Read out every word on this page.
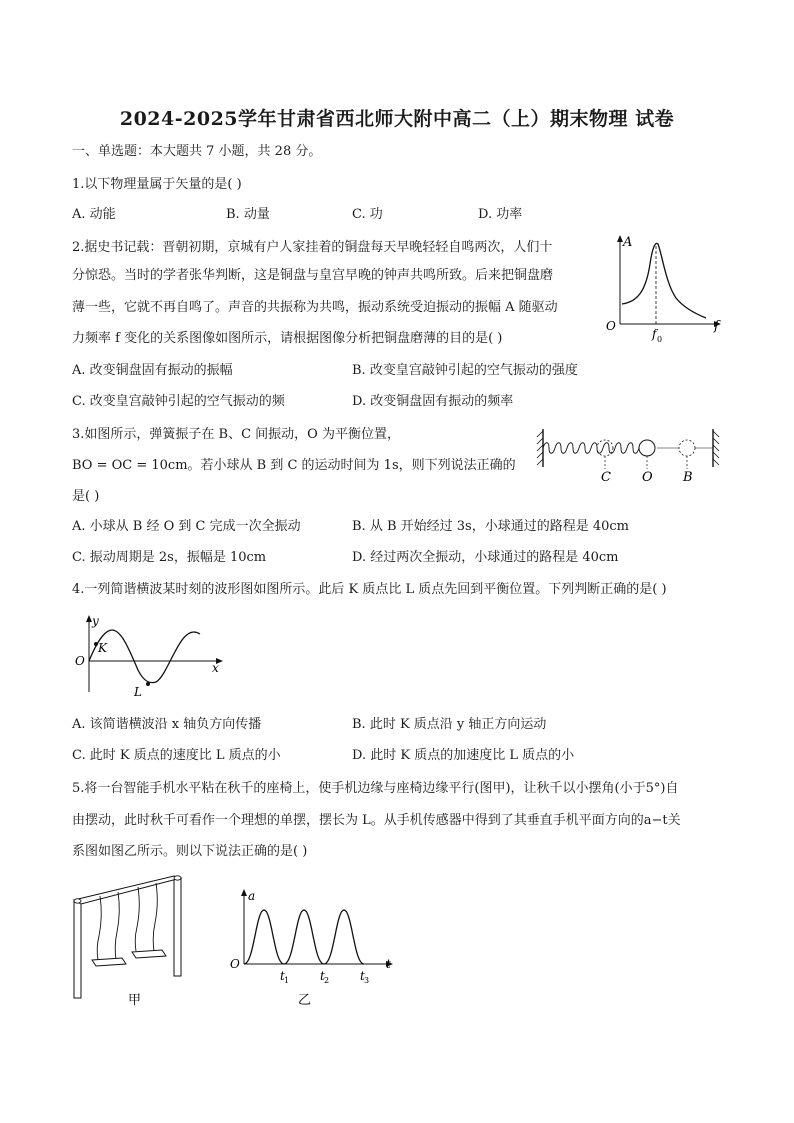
2024-2025学年甘肃省西北师大附中高二（上）期末物理 试卷
一、单选题：本大题共 7 小题，共 28 分。
1.以下物理量属于矢量的是( )
A. 动能	B. 动量	C. 功	D. 功率
2.据史书记载：晋朝初期，京城有户人家挂着的铜盘每天早晚轻轻自鸣两次，人们十
分惊恐。当时的学者张华判断，这是铜盘与皇宫早晚的钟声共鸣所致。后来把铜盘磨
薄一些，它就不再自鸣了。声音的共振称为共鸣，振动系统受迫振动的振幅 A 随驱动
力频率 f 变化的关系图像如图所示，请根据图像分析把铜盘磨薄的目的是( )
A. 改变铜盘固有振动的振幅	B. 改变皇宫敲钟引起的空气振动的强度
C. 改变皇宫敲钟引起的空气振动的频	D. 改变铜盘固有振动的频率
A
f
O
f 0
3.如图所示，弹簧振子在 B、C 间振动，O 为平衡位置，
BO = OC = 10cm。若小球从 B 到 C 的运动时间为 1s，则下列说法正确的
是( )
A. 小球从 B 经 O 到 C 完成一次全振动	B. 从 B 开始经过 3s，小球通过的路程是 40cm
C. 振动周期是 2s，振幅是 10cm	D. 经过两次全振动，小球通过的路程是 40cm
C O B
4.一列简谐横波某时刻的波形图如图所示。此后 K 质点比 L 质点先回到平衡位置。下列判断正确的是( )
y
x
O
K
L
A. 该简谐横波沿 x 轴负方向传播	B. 此时 K 质点沿 y 轴正方向运动
C. 此时 K 质点的速度比 L 质点的小	D. 此时 K 质点的加速度比 L 质点的小
5.将一台智能手机水平粘在秋千的座椅上，使手机边缘与座椅边缘平行(图甲)，让秋千以小摆角(小于5°)自
由摆动，此时秋千可看作一个理想的单摆，摆长为 L。从手机传感器中得到了其垂直手机平面方向的a−t关
系图如图乙所示。则以下说法正确的是( )
甲
a
t
O
t 1	t 2	t 3
乙
